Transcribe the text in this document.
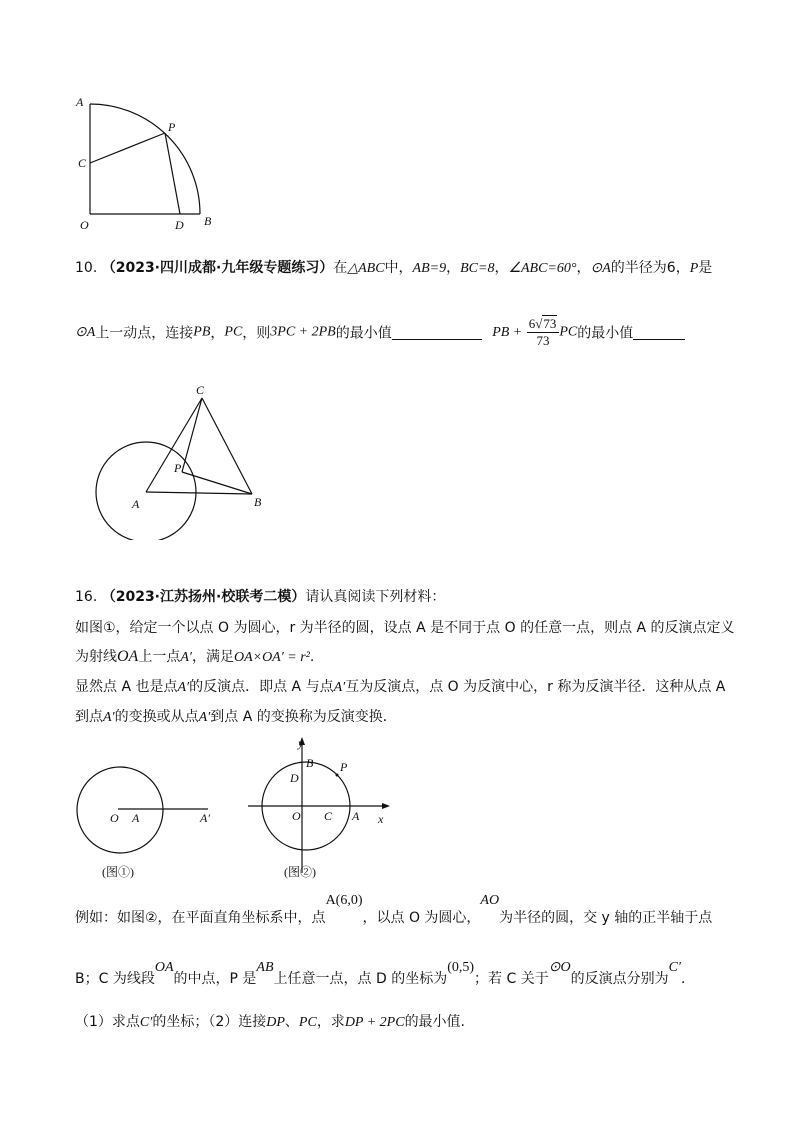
A
P
C
O	D B
10. （2023·四川成都·九年级专题练习）在△ABC中，AB=9，BC=8，∠ABC=60°，⊙A的半径为6，P是
⊙A上一动点，连接PB，PC，则3PC + 2PB的最小值	PB + $\frac{6√73}{73}$ PC的最小值
C
P
A	B
16. （2023·江苏扬州·校联考二模）请认真阅读下列材料：
如图①，给定一个以点 O 为圆心，r 为半径的圆，设点 A 是不同于点 O 的任意一点，则点 A 的反演点定义
为射线OA上一点A′，满足OA×OA′ = r².
显然点 A 也是点A′的反演点．即点 A 与点A′互为反演点，点 O 为反演中心，r 称为反演半径．这种从点 A
到点A′的变换或从点A′到点 A 的变换称为反演变换．
O A	A′
(图①)
y
x
B P
D
O C A
(图②)
例如：如图②，在平面直角坐标系中，点A(6,0)，以点 O 为圆心，AO为半径的圆，交 y 轴的正半轴于点
B；C 为线段OA的中点，P 是AB上任意一点，点 D 的坐标为(0,5)；若 C 关于⊙O的反演点分别为C′．
（1）求点C′的坐标；（2）连接DP、PC，求DP + 2PC的最小值.
